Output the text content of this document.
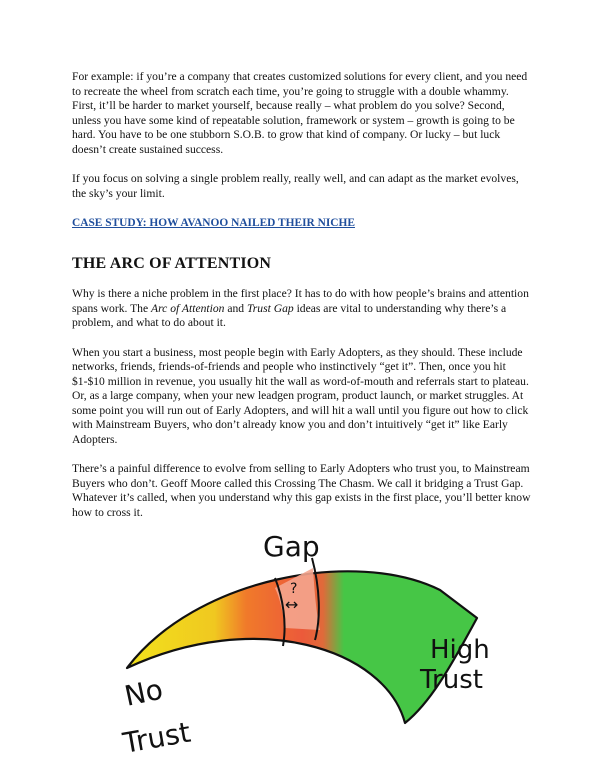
For example: if you’re a company that creates customized solutions for every client, and you need to recreate the wheel from scratch each time, you’re going to struggle with a double whammy. First, it’ll be harder to market yourself, because really – what problem do you solve? Second, unless you have some kind of repeatable solution, framework or system – growth is going to be hard. You have to be one stubborn S.O.B. to grow that kind of company. Or lucky – but luck doesn’t create sustained success.

If you focus on solving a single problem really, really well, and can adapt as the market evolves, the sky’s your limit.

CASE STUDY: HOW AVANOO NAILED THEIR NICHE
THE ARC OF ATTENTION

Why is there a niche problem in the first place? It has to do with how people’s brains and attention spans work. The Arc of Attention and Trust Gap ideas are vital to understanding why there’s a problem, and what to do about it.

When you start a business, most people begin with Early Adopters, as they should. These include networks, friends, friends-of-friends and people who instinctively “get it”. Then, once you hit $1-$10 million in revenue, you usually hit the wall as word-of-mouth and referrals start to plateau. Or, as a large company, when your new leadgen program, product launch, or market struggles. At some point you will run out of Early Adopters, and will hit a wall until you figure out how to click with Mainstream Buyers, who don’t already know you and don’t intuitively “get it” like Early Adopters.

There’s a painful difference to evolve from selling to Early Adopters who trust you, to Mainstream Buyers who don’t. Geoff Moore called this Crossing The Chasm. We call it bridging a Trust Gap. Whatever it’s called, when you understand why this gap exists in the first place, you’ll better know how to cross it.

Gap
?
↔
No
Trust
High
Trust
